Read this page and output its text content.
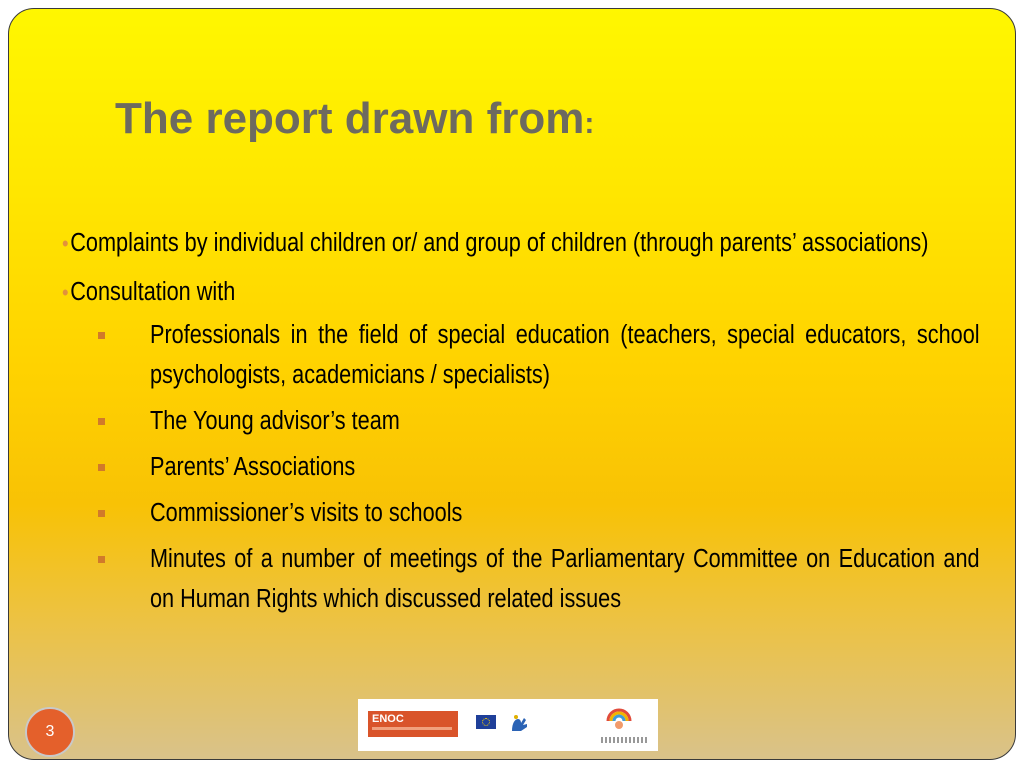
The report drawn from:

•Complaints by individual children or/ and group of children (through parents’ associations)

•Consultation with

Professionals in the field of special education (teachers, special educators, school psychologists, academicians / specialists)
The Young advisor’s team
Parents’ Associations
Commissioner’s visits to schools
Minutes of a number of meetings of the Parliamentary Committee on Education and on Human Rights which discussed related issues
3
ENOC
